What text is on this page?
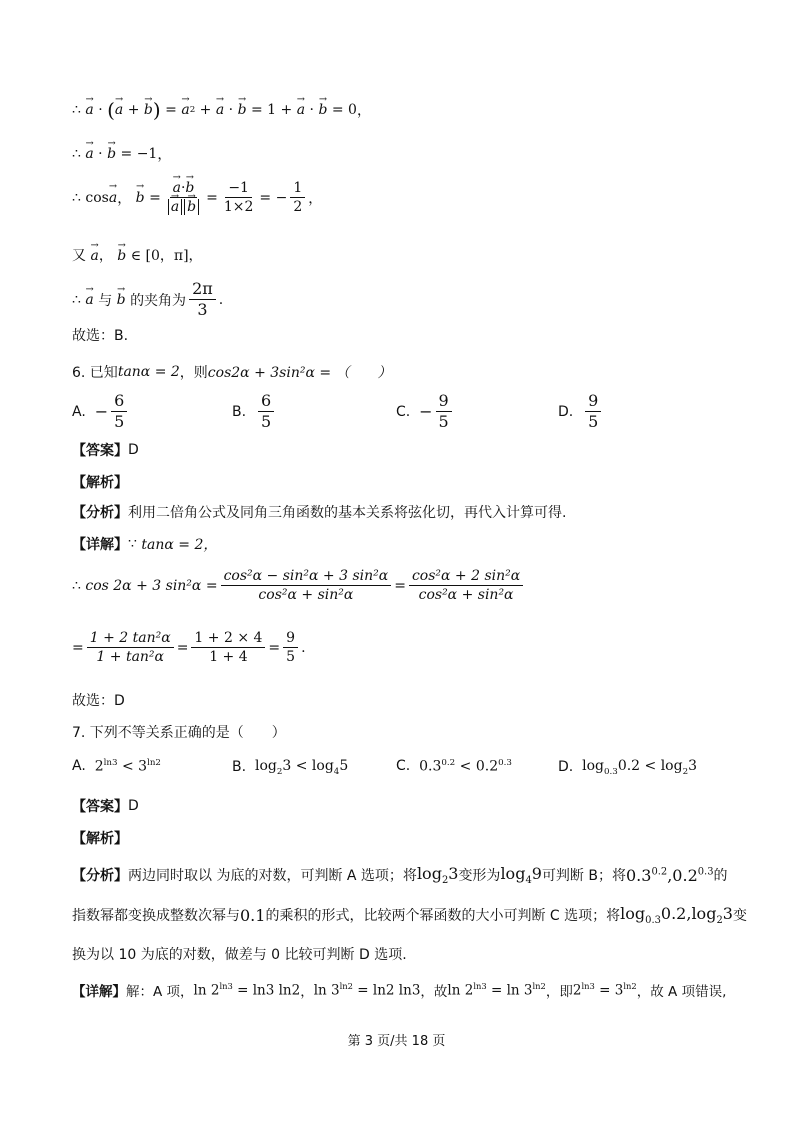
∴
→ a
·
( → a + → b ) = → a 2 + → a · → b
= 1 +
→ a · → b
= 0 ，
∴
→ a · → b
= −1 ，
∴
cos → a ， → b = → a·→ b
→ $a \to b = \frac{-1}{1\times 2}$ = − $\frac{1}{2}$ ，
又
→ a， → b ∈ [0，π] ，
∴
→ a
与
→ b
的夹角为 $\frac{2\pi}{3}$ .
故选：B.
6. 已知 tanα = 2 ，则 cos2α + 3sin²α = （　　）
A.
− $\frac{6}{5}$	B.
$\frac{6}{5}$	C.
− $\frac{9}{5}$	D.
$\frac{9}{5}$
【答案】 D
【解析】
【分析】 利用二倍角公式及同角三角函数的基本关系将弦化切，再代入计算可得.
【详解】 ∵
tanα = 2，
∴
cos 2α + 3 $\sin^2\alpha = \frac{\text{cos²α − sin²α + 3 sin²α}}{\text{cos²α + sin²α}} = \frac{\text{cos²α + 2 sin²α}}{\text{cos²α + sin²α}}$
= $\frac{\text{1 + 2 tan²α}}{\text{1 + tan²α}} = \frac{1 + 2 \times 4}{1 + 4} = \frac{9}{5}$ .
故选：D
7. 下列不等关系正确的是（　　）
A.
$2^{ln3} < 3^{ln2}$	B.
$\log_23 < \log_45$	C.
$0.3^{0.2} < 0.2^{0.3}$	D.
$\log_{0.3}0.2 < \log_23$
【答案】 D
【解析】
【分析】 两边同时取以 为底的对数，可判断 A 选项；将 $\log_23$ 变形为 $\log_49$ 可判断 B；将 $0.3^{0.2},0.2^{0.3}$ 的
指数幂都变换成整数次幂与 0.1 的乘积的形式，比较两个幂函数的大小可判断 C 选项；将 $\log_{0.3}0.2,\log_23$ 变
换为以 10 为底的对数，做差与 0 比较可判断 D 选项.
【详解】 解：A 项， $\ln 2^{ln3} = \ln 3$ ln2 ， $\ln 3^{ln2} = \ln 2$ ln3 ，故 $\ln 2^{ln3} = \ln 3^{ln2}$ ，即 $2^{ln3} = 3^{ln2}$ ，故 A 项错误,
第 3 页/共 18 页
